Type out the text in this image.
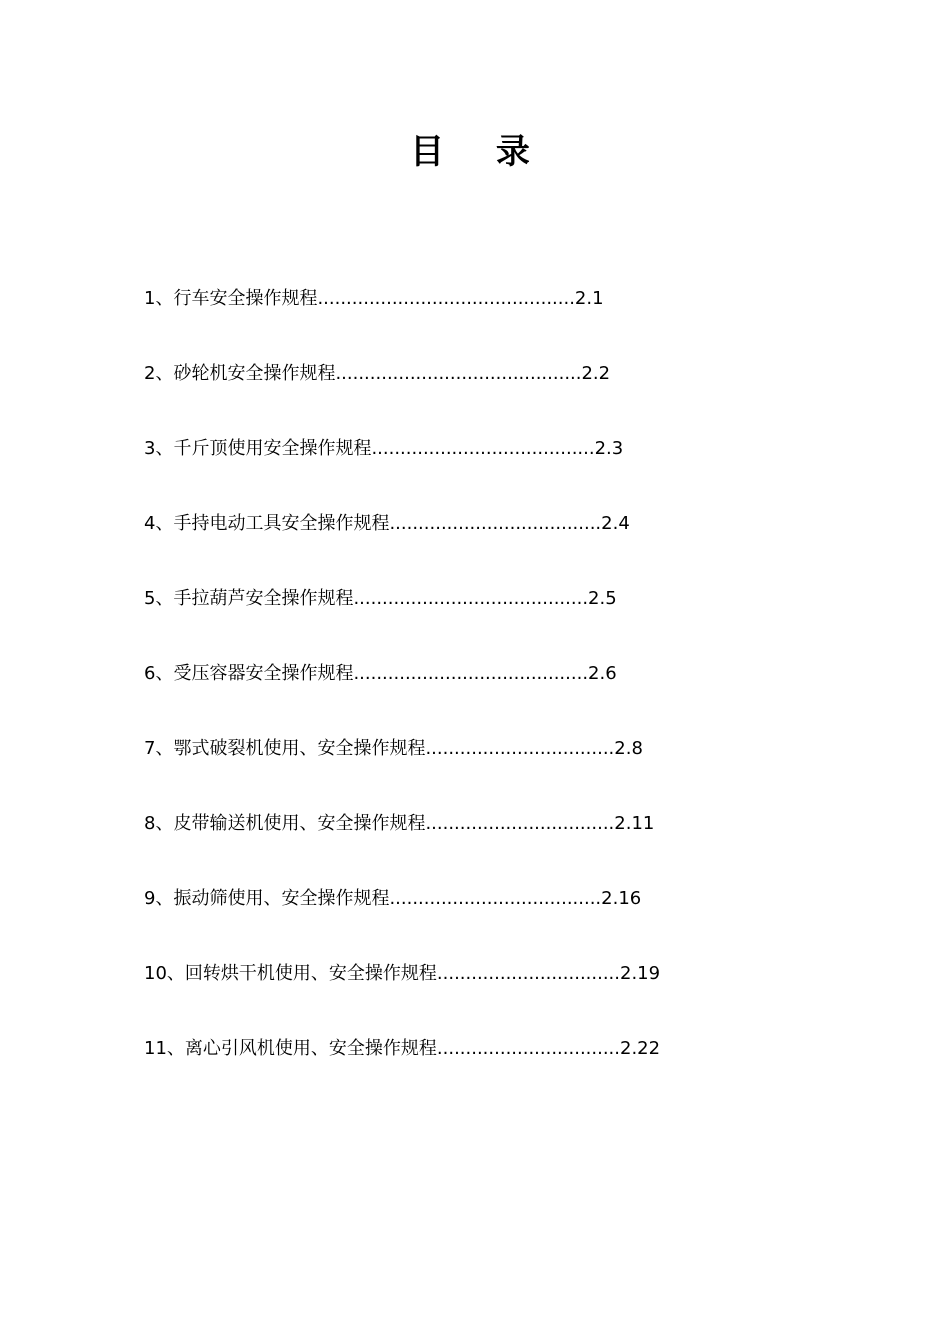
目 录
1、行车安全操作规程.............................................2.1
2、砂轮机安全操作规程...........................................2.2
3、千斤顶使用安全操作规程.......................................2.3
4、手持电动工具安全操作规程.....................................2.4
5、手拉葫芦安全操作规程.........................................2.5
6、受压容器安全操作规程.........................................2.6
7、鄂式破裂机使用、安全操作规程.................................2.8
8、皮带输送机使用、安全操作规程.................................2.11
9、振动筛使用、安全操作规程.....................................2.16
10、回转烘干机使用、安全操作规程................................2.19
11、离心引风机使用、安全操作规程................................2.22
